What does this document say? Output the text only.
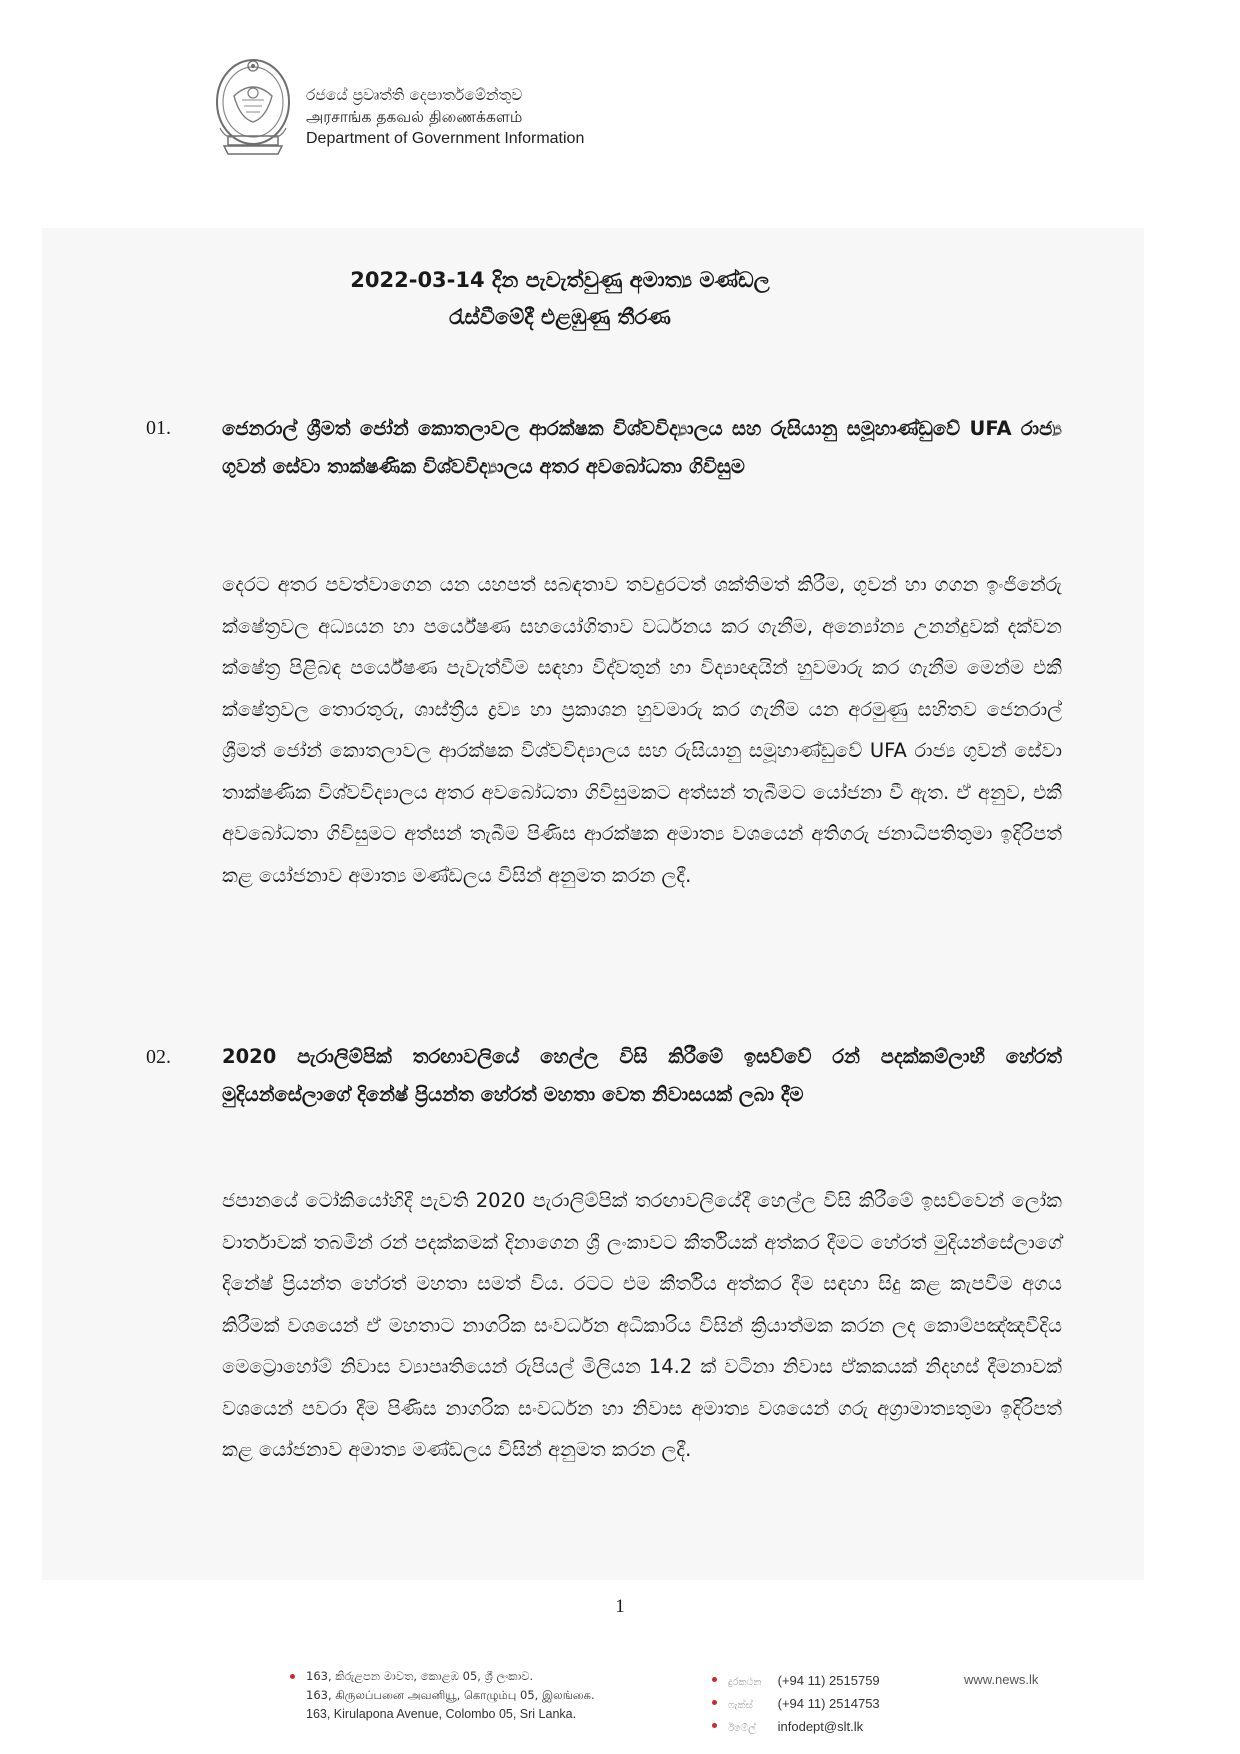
රජයේ ප්‍රවෘත්ති දෙපාර්තමේන්තුව
அரசாங்க தகவல் திணைக்களம்
Department of Government Information
2022-03-14 දින පැවැත්වුණු අමාත්‍ය මණ්ඩල
රැස්වීමේදී එළඹුණු තීරණ
01.	ජෙනරාල් ශ්‍රීමත් ජෝන් කොතලාවල ආරක්ෂක විශ්වවිද්‍යාලය සහ රුසියානු සමූහාණ්ඩුවේ UFA රාජ්‍ය ගුවන් සේවා තාක්ෂණික විශ්වවිද්‍යාලය අතර අවබෝධතා ගිවිසුම
දෙරට අතර පවත්වාගෙන යන යහපත් සබඳතාව තවදුරටත් ශක්තිමත් කිරීම, ගුවන් හා ගගන ඉංජිනේරු ක්ෂේත්‍රවල අධ්‍යයන හා පර්යේෂණ සහයෝගිතාව වර්ධනය කර ගැනීම, අන්‍යෝන්‍ය උනන්දුවක් දක්වන ක්ෂේත්‍ර පිළිබඳ පර්යේෂණ පැවැත්වීම සඳහා විද්වතුන් හා විද්‍යාඥයින් හුවමාරු කර ගැනීම මෙන්ම එකී ක්ෂේත්‍රවල තොරතුරු, ශාස්ත්‍රීය ද්‍රව්‍ය හා ප්‍රකාශන හුවමාරු කර ගැනීම යන අරමුණු සහිතව ජෙනරාල් ශ්‍රීමත් ජෝන් කොතලාවල ආරක්ෂක විශ්වවිද්‍යාලය සහ රුසියානු සමූහාණ්ඩුවේ UFA රාජ්‍ය ගුවන් සේවා තාක්ෂණික විශ්වවිද්‍යාලය අතර අවබෝධතා ගිවිසුමකට අත්සන් තැබීමට යෝජනා වී ඇත. ඒ අනුව, එකී අවබෝධතා ගිවිසුමට අත්සන් තැබීම පිණිස ආරක්ෂක අමාත්‍ය වශයෙන් අතිගරු ජනාධිපතිතුමා ඉදිරිපත් කළ යෝජනාව අමාත්‍ය මණ්ඩලය විසින් අනුමත කරන ලදී.
02.	2020 පැරාලිම්පික් තරඟාවලියේ හෙල්ල විසි කිරීමේ ඉසව්වේ රන් පදක්කම්ලාභී හේරත් මුදියන්සේලාගේ දිනේෂ් ප්‍රියන්ත හේරත් මහතා වෙත නිවාසයක් ලබා දීම
ජපානයේ ටෝකියෝහිදී පැවති 2020 පැරාලිම්පික් තරඟාවලියේදී හෙල්ල විසි කිරීමේ ඉසව්වෙන් ලෝක වාර්තාවක් තබමින් රන් පදක්කමක් දිනාගෙන ශ්‍රී ලංකාවට කීර්තියක් අත්කර දීමට හේරත් මුදියන්සේලාගේ දිනේෂ් ප්‍රියන්ත හේරත් මහතා සමත් විය. රටට එම කීර්තිය අත්කර දීම සඳහා සිදු කළ කැපවීම අගය කිරීමක් වශයෙන් ඒ මහතාට නාගරික සංවර්ධන අධිකාරිය විසින් ක්‍රියාත්මක කරන ලද කොම්පඤ්ඤවීදිය මෙට්‍රොහෝම් නිවාස ව්‍යාපෘතියෙන් රුපියල් මිලියන 14.2 ක් වටිනා නිවාස ඒකකයක් නිදහස් දීමනාවක් වශයෙන් පවරා දීම පිණිස නාගරික සංවර්ධන හා නිවාස අමාත්‍ය වශයෙන් ගරු අග්‍රාමාත්‍යතුමා ඉදිරිපත් කළ යෝජනාව අමාත්‍ය මණ්ඩලය විසින් අනුමත කරන ලදී.
1
163, කිරුළපන මාවත, කොළඹ 05, ශ්‍රී ලංකාව.
163, கிருலப்பனை அவனியூ, கொழும்பு 05, இலங்கை.
163, Kirulapona Avenue, Colombo 05, Sri Lanka.
දුරකථන (+94 11) 2515759
ෆැක්ස් (+94 11) 2514753
ඊමේල් infodept@slt.lk
www.news.lk
